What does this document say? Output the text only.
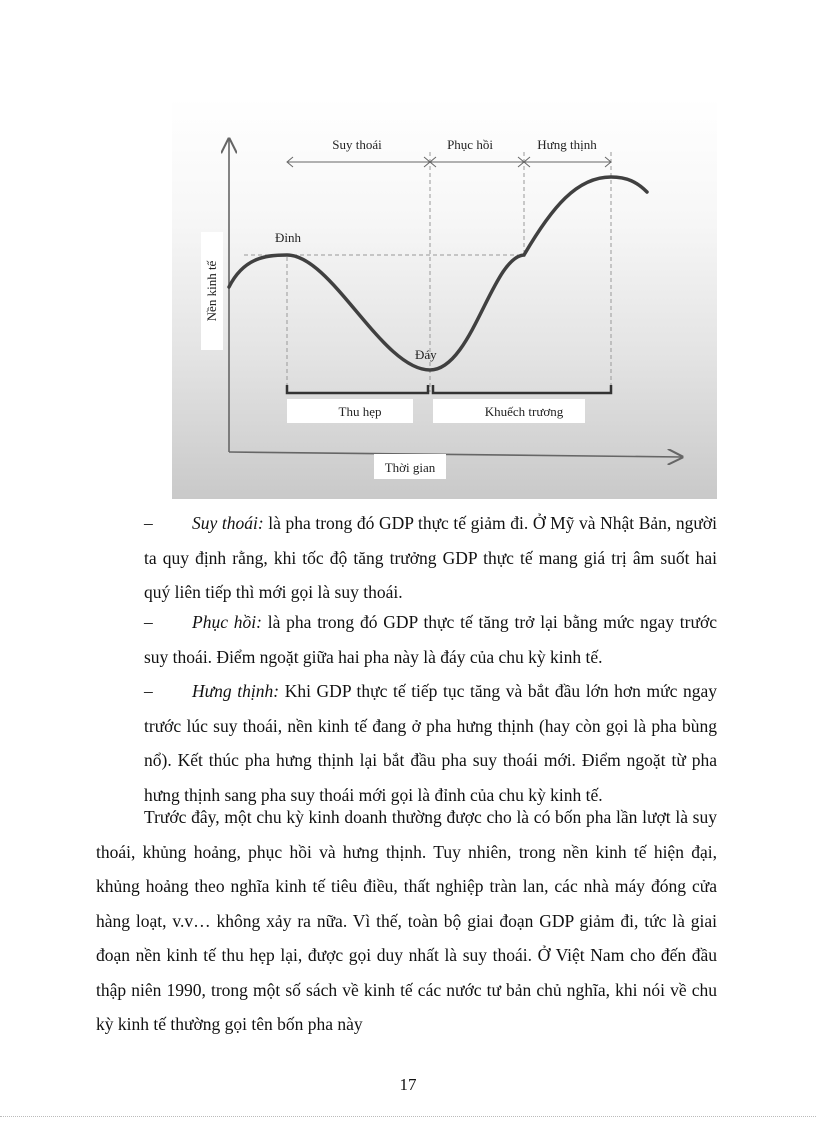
Suy thoái	Phục hồi	Hưng thịnh
Đỉnh
Đáy
Thu hẹp	Khuếch trương
Thời gian
Nền kinh tế
– Suy thoái: là pha trong đó GDP thực tế giảm đi. Ở Mỹ và Nhật Bản, người ta quy định rằng, khi tốc độ tăng trưởng GDP thực tế mang giá trị âm suốt hai quý liên tiếp thì mới gọi là suy thoái.
– Phục hồi: là pha trong đó GDP thực tế tăng trở lại bằng mức ngay trước suy thoái. Điểm ngoặt giữa hai pha này là đáy của chu kỳ kinh tế.
– Hưng thịnh: Khi GDP thực tế tiếp tục tăng và bắt đầu lớn hơn mức ngay trước lúc suy thoái, nền kinh tế đang ở pha hưng thịnh (hay còn gọi là pha bùng nổ). Kết thúc pha hưng thịnh lại bắt đầu pha suy thoái mới. Điểm ngoặt từ pha hưng thịnh sang pha suy thoái mới gọi là đỉnh của chu kỳ kinh tế.
Trước đây, một chu kỳ kinh doanh thường được cho là có bốn pha lần lượt là suy thoái, khủng hoảng, phục hồi và hưng thịnh. Tuy nhiên, trong nền kinh tế hiện đại, khủng hoảng theo nghĩa kinh tế tiêu điều, thất nghiệp tràn lan, các nhà máy đóng cửa hàng loạt, v.v… không xảy ra nữa. Vì thế, toàn bộ giai đoạn GDP giảm đi, tức là giai đoạn nền kinh tế thu hẹp lại, được gọi duy nhất là suy thoái. Ở Việt Nam cho đến đầu thập niên 1990, trong một số sách về kinh tế các nước tư bản chủ nghĩa, khi nói về chu kỳ kinh tế thường gọi tên bốn pha này
17
